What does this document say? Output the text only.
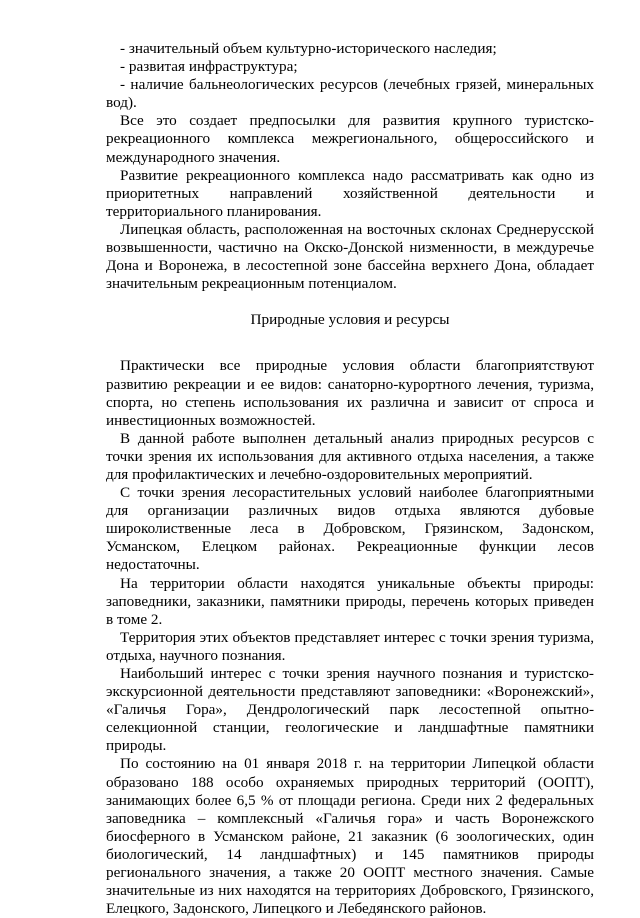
- значительный объем культурно-исторического наследия;

- развитая инфраструктура;

- наличие бальнеологических ресурсов (лечебных грязей, минеральных вод).

Все это создает предпосылки для развития крупного туристско-рекреационного комплекса межрегионального, общероссийского и международного значения.

Развитие рекреационного комплекса надо рассматривать как одно из приоритетных направлений хозяйственной деятельности и территориального планирования.

Липецкая область, расположенная на восточных склонах Среднерусской возвышенности, частично на Окско-Донской низменности, в междуречье Дона и Воронежа, в лесостепной зоне бассейна верхнего Дона, обладает значительным рекреационным потенциалом.

Природные условия и ресурсы

Практически все природные условия области благоприятствуют развитию рекреации и ее видов: санаторно-курортного лечения, туризма, спорта, но степень использования их различна и зависит от спроса и инвестиционных возможностей.

В данной работе выполнен детальный анализ природных ресурсов с точки зрения их использования для активного отдыха населения, а также для профилактических и лечебно-оздоровительных мероприятий.

С точки зрения лесорастительных условий наиболее благоприятными для организации различных видов отдыха являются дубовые широколиственные леса в Добровском, Грязинском, Задонском, Усманском, Елецком районах. Рекреационные функции лесов недостаточны.

На территории области находятся уникальные объекты природы: заповедники, заказники, памятники природы, перечень которых приведен в томе 2.

Территория этих объектов представляет интерес с точки зрения туризма, отдыха, научного познания.

Наибольший интерес с точки зрения научного познания и туристско-экскурсионной деятельности представляют заповедники: «Воронежский», «Галичья Гора», Дендрологический парк лесостепной опытно-селекционной станции, геологические и ландшафтные памятники природы.

По состоянию на 01 января 2018 г. на территории Липецкой области образовано 188 особо охраняемых природных территорий (ООПТ), занимающих более 6,5 % от площади региона. Среди них 2 федеральных заповедника – комплексный «Галичья гора» и часть Воронежского биосферного в Усманском районе, 21 заказник (6 зоологических, один биологический, 14 ландшафтных) и 145 памятников природы регионального значения, а также 20 ООПТ местного значения. Самые значительные из них находятся на территориях Добровского, Грязинского, Елецкого, Задонского, Липецкого и Лебедянского районов.
